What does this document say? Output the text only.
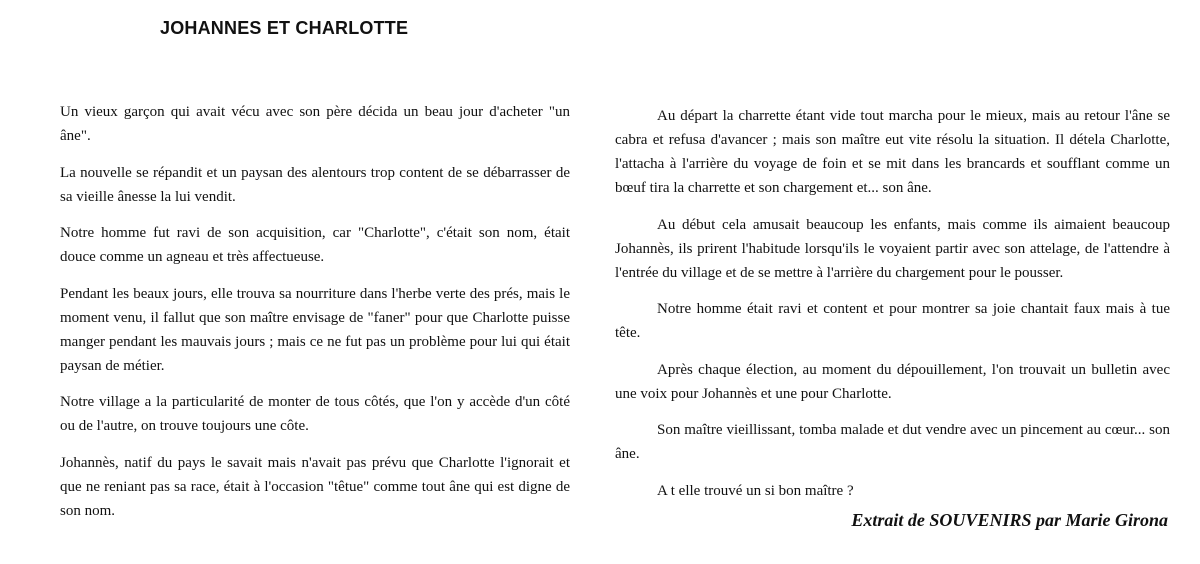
JOHANNES ET CHARLOTTE

Un vieux garçon qui avait vécu avec son père décida un beau jour d'acheter "un âne".

La nouvelle se répandit et un paysan des alentours trop content de se débarrasser de sa vieille ânesse la lui vendit.

Notre homme fut ravi de son acquisition, car "Charlotte", c'était son nom, était douce comme un agneau et très affectueuse.

Pendant les beaux jours, elle trouva sa nourriture dans l'herbe verte des prés, mais le moment venu, il fallut que son maître envisage de "faner" pour que Charlotte puisse manger pendant les mauvais jours ; mais ce ne fut pas un problème pour lui qui était paysan de métier.

Notre village a la particularité de monter de tous côtés, que l'on y accède d'un côté ou de l'autre, on trouve toujours une côte.

Johannès, natif du pays le savait mais n'avait pas prévu que Charlotte l'ignorait et que ne reniant pas sa race, était à l'occasion "têtue" comme tout âne qui est digne de son nom.

Au départ la charrette étant vide tout marcha pour le mieux, mais au retour l'âne se cabra et refusa d'avancer ; mais son maître eut vite résolu la situation. Il détela Charlotte, l'attacha à l'arrière du voyage de foin et se mit dans les brancards et soufflant comme un bœuf tira la charrette et son chargement et... son âne.

Au début cela amusait beaucoup les enfants, mais comme ils aimaient beaucoup Johannès, ils prirent l'habitude lorsqu'ils le voyaient partir avec son attelage, de l'attendre à l'entrée du village et de se mettre à l'arrière du chargement pour le pousser.

Notre homme était ravi et content et pour montrer sa joie chantait faux mais à tue tête.

Après chaque élection, au moment du dépouillement, l'on trouvait un bulletin avec une voix pour Johannès et une pour Charlotte.

Son maître vieillissant, tomba malade et dut vendre avec un pincement au cœur... son âne.

A t elle trouvé un si bon maître ?

Extrait de SOUVENIRS par Marie Girona
